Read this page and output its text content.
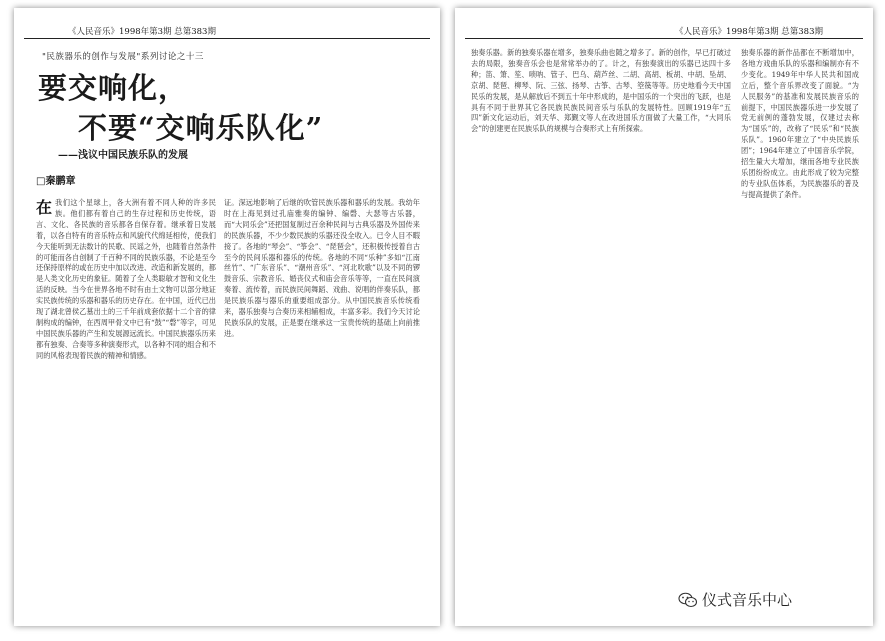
《人民音乐》1998年第3期 总第383期
"民族器乐的创作与发展"系列讨论之十三
要交响化，
不要“交响乐队化”
——浅议中国民族乐队的发展
□秦鹏章
在我们这个星球上，各大洲有着不同人种的许多民族。他们都有着自己的生存过程和历史传统，语言、文化、各民族的音乐都各自保存着。继承着日发展着，以各自特有的音乐特点和风貌代代绵延相传，使我们今天能听到无法数计的民歌、民谣之外，也随着自然条件的可能而各自创制了千百种不同的民族乐器，不论是至今还保持原样的或在历史中加以改进、改造和新发展的，都是人类文化历史的象征。随着了全人类聪敏才智和文化生活的反映。当今在世界各地不时有由土文物可以部分地证实民族传统的乐器和器乐的历史存在。在中国，近代已出现了湖北曾侯乙墓出土的三千年前成套依据十二个音的律制构成的编钟，在西周甲骨文中已有“鼓”“磬”等字，可见中国民族乐器的产生和发展源远流长。中国民族器乐历来都有独奏、合奏等多种演奏形式，以各种不同的组合和不同的风格表现着民族的精神和情感。
证。深远地影响了后继的吹管民族乐器和器乐的发展。我幼年时在上海见到过孔庙雅奏的编钟、编磬、大瑟等古乐器，而“大同乐会”还把国复制过百余种民间与古典乐器及外国传来的民族乐器，不少少数民族的乐器还没全收入。已令人目不暇接了。各地的“琴会”、“筝会”、“琵琶会”，还积极传授着自古至今的民间乐器和器乐的传统。各地的不同“乐种”多如“江南丝竹”、“广东音乐”、“潮州音乐”、“河北吹歌”以及不同的锣鼓音乐、宗教音乐、婚丧仪式和庙会音乐等等，一直在民间演奏着、流传着，而民族民间舞蹈、戏曲、说唱的伴奏乐队，都是民族乐器与器乐的重要组成部分。从中国民族音乐传统看来，器乐独奏与合奏历来相辅相成，丰富多彩。我们今天讨论民族乐队的发展，正是要在继承这一宝贵传统的基础上向前推进。
《人民音乐》1998年第3期 总第383期
独奏乐器。新的独奏乐器在增多，独奏乐曲也随之增多了。新的创作，早已打破过去的局限，独奏音乐会也是常常举办的了。计之，有独奏演出的乐器已达四十多种；笛、箫、笙、唢呐、管子、巴乌、葫芦丝、二胡、高胡、板胡、中胡、坠胡、京胡、琵琶、柳琴、阮、三弦、扬琴、古筝、古琴、箜篌等等。历史地看今天中国民乐的发展，是从解放后不到五十年中形成的，是中国乐的一个突出的飞跃，也是具有不同于世界其它各民族民族民间音乐与乐队的发展特性。回顾1919年“五四”新文化运动后，刘天华、郑觐文等人在改进国乐方面做了大量工作，“大同乐会”的创建更在民族乐队的规模与合奏形式上有所探索。
独奏乐器的新作品都在不断增加中，各地方戏曲乐队的乐器和编制亦有不少变化。1949年中华人民共和国成立后，整个音乐界改变了面貌。“为人民服务”的基准和发展民族音乐的前提下，中国民族器乐进一步发展了党无前例的蓬勃发展，仅建过去称为“国乐”的，改称了“民乐”和“民族乐队”。1960年建立了“中央民族乐团”；1964年建立了中国音乐学院，招生量大大增加，继而各地专业民族乐团纷纷成立。由此形成了较为完整的专业队伍体系，为民族器乐的普及与提高提供了条件。
仪式音乐中心
